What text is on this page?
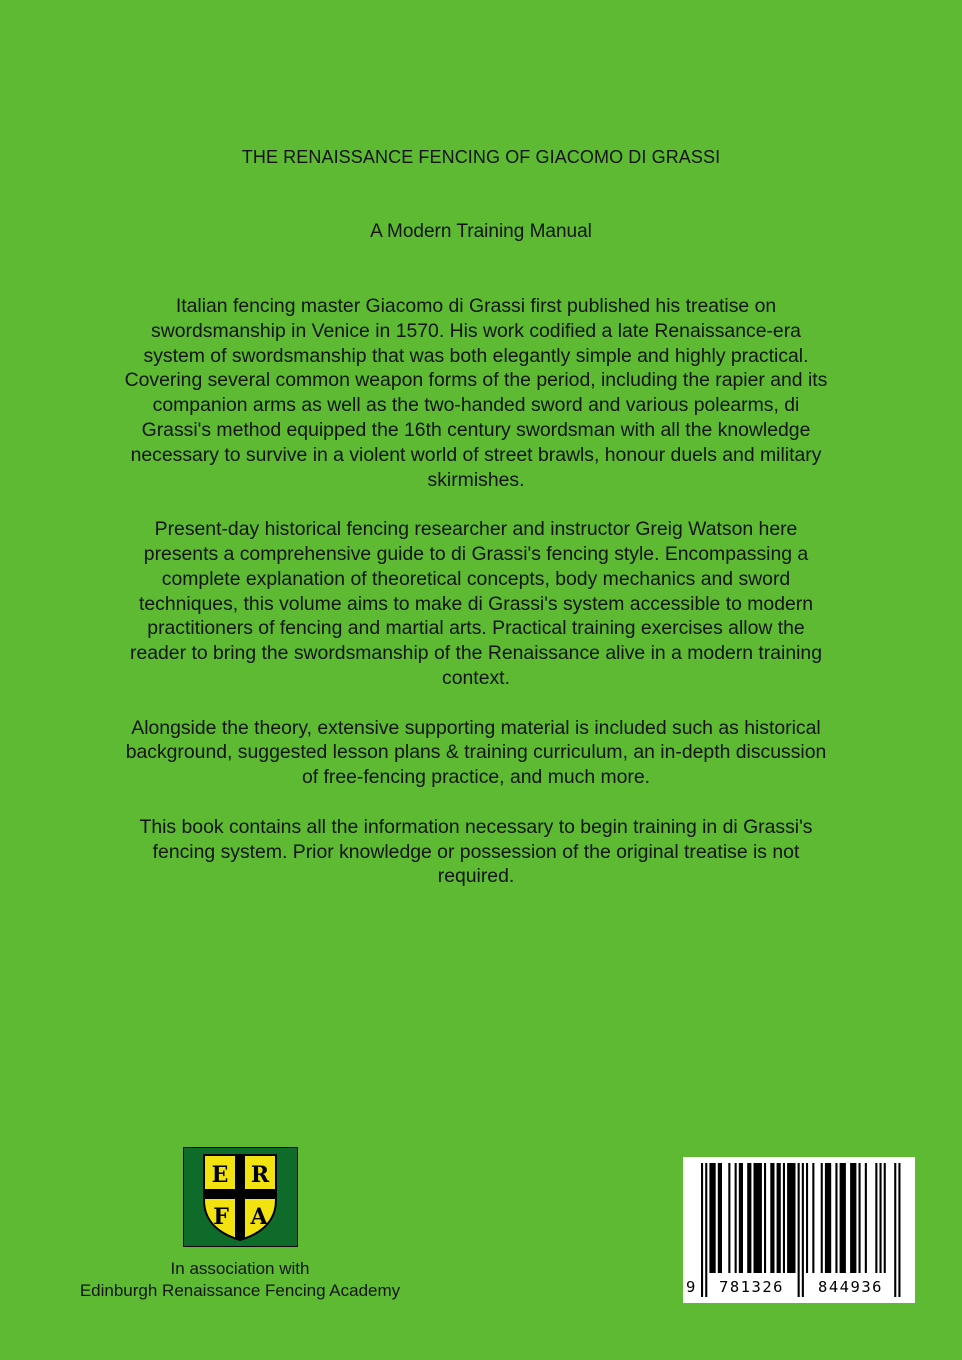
THE RENAISSANCE FENCING OF GIACOMO DI GRASSI
A Modern Training Manual

Italian fencing master Giacomo di Grassi first published his treatise on swordsmanship in Venice in 1570. His work codified a late Renaissance-era system of swordsmanship that was both elegantly simple and highly practical. Covering several common weapon forms of the period, including the rapier and its companion arms as well as the two-handed sword and various polearms, di Grassi's method equipped the 16th century swordsman with all the knowledge necessary to survive in a violent world of street brawls, honour duels and military skirmishes.

Present-day historical fencing researcher and instructor Greig Watson here presents a comprehensive guide to di Grassi's fencing style. Encompassing a complete explanation of theoretical concepts, body mechanics and sword techniques, this volume aims to make di Grassi's system accessible to modern practitioners of fencing and martial arts. Practical training exercises allow the reader to bring the swordsmanship of the Renaissance alive in a modern training context.

Alongside the theory, extensive supporting material is included such as historical background, suggested lesson plans & training curriculum, an in-depth discussion of free-fencing practice, and much more.

This book contains all the information necessary to begin training in di Grassi's fencing system. Prior knowledge or possession of the original treatise is not required.

E R
F A
In association with
Edinburgh Renaissance Fencing Academy	9 781326 844936
